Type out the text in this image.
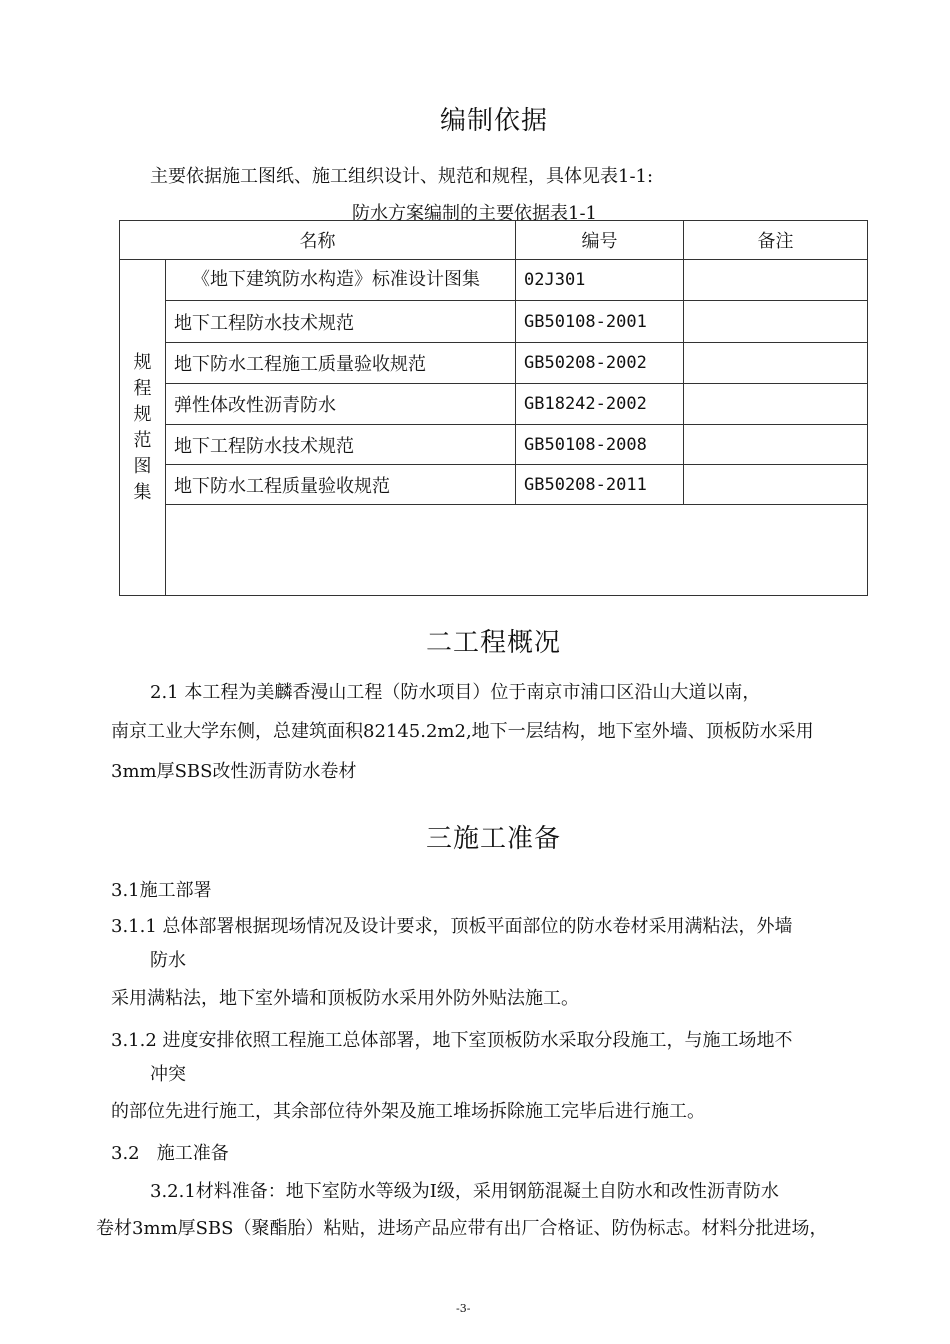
编制依据
主要依据施工图纸、施工组织设计、规范和规程，具体见表1-1:
防水方案编制的主要依据表1-1
名称		编号	备注
规程规范图集	《地下建筑防水构造》标准设计图集	02J301	
	地下工程防水技术规范	GB50108-2001	
	地下防水工程施工质量验收规范	GB50208-2002	
	弹性体改性沥青防水	GB18242-2002	
	地下工程防水技术规范	GB50108-2008	
	地下防水工程质量验收规范	GB50208-2011	

二工程概况
2.1 本工程为美麟香漫山工程（防水项目）位于南京市浦口区沿山大道以南，
南京工业大学东侧，总建筑面积82145.2m2,地下一层结构，地下室外墙、顶板防水采用
3mm厚SBS改性沥青防水卷材
三施工准备
3.1施工部署
3.1.1 总体部署根据现场情况及设计要求，顶板平面部位的防水卷材采用满粘法，外墙
防水
采用满粘法，地下室外墙和顶板防水采用外防外贴法施工。
3.1.2 进度安排依照工程施工总体部署，地下室顶板防水采取分段施工，与施工场地不
冲突
的部位先进行施工，其余部位待外架及施工堆场拆除施工完毕后进行施工。
3.2   施工准备
3.2.1材料准备：地下室防水等级为Ⅰ级，采用钢筋混凝土自防水和改性沥青防水
卷材3mm厚SBS（聚酯胎）粘贴，进场产品应带有出厂合格证、防伪标志。材料分批进场，
-3-
